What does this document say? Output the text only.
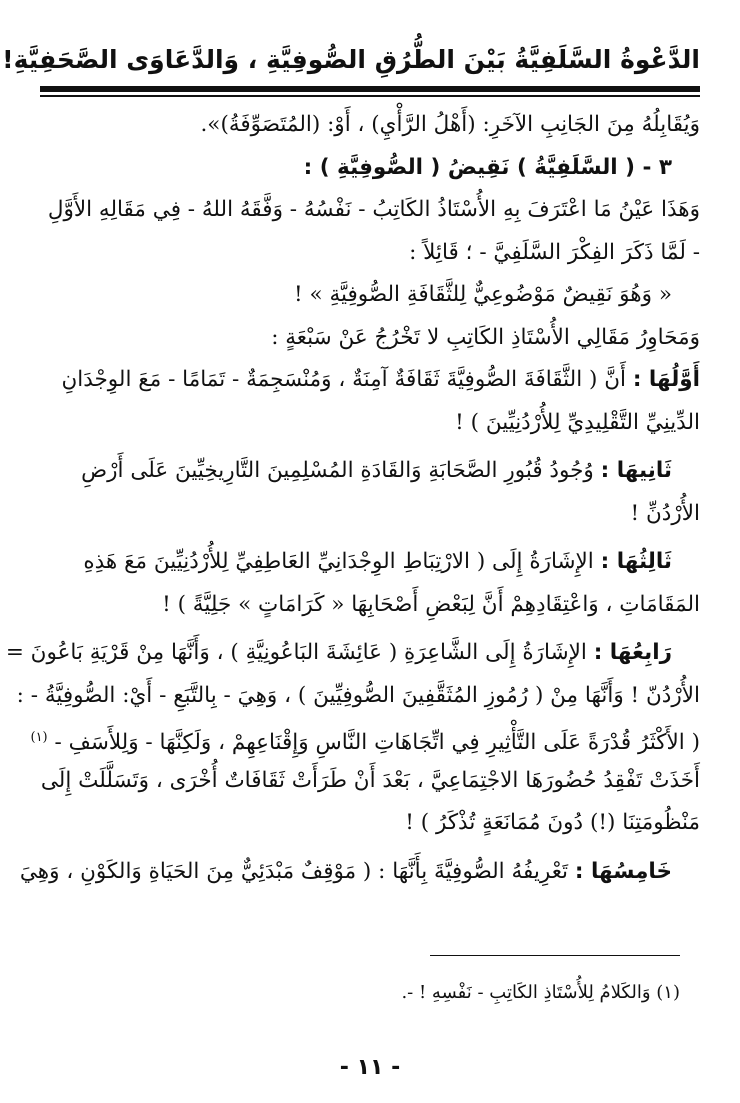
الدَّعْوةُ السَّلَفِيَّةُ بَيْنَ الطُّرُقِ الصُّوفِيَّةِ ، وَالدَّعَاوَى الصَّحَفِيَّةِ!
وَيُقَابِلُهُ مِنَ الجَانِبِ الآخَرِ: (أَهْلُ الرَّأْيِ) ، أَوْ: (المُتَصَوِّفَةُ)».
٣ - ( السَّلَفِيَّةُ ) نَقِيضُ ( الصُّوفِيَّةِ ) :
وَهَذَا عَيْنُ مَا اعْتَرَفَ بِهِ الأُسْتَاذُ الكَاتِبُ - نَفْسُهُ - وَفَّقَهُ اللهُ - فِي مَقَالِهِ الأَوَّلِ
- لَمَّا ذَكَرَ الفِكْرَ السَّلَفِيَّ - ؛ قَائِلاً :
« وَهُوَ نَقِيضٌ مَوْضُوعِيٌّ لِلثَّقَافَةِ الصُّوفِيَّةِ » !
وَمَحَاوِرُ مَقَالِي الأُسْتَاذِ الكَاتِبِ لا تَخْرُجُ عَنْ سَبْعَةٍ :
أَوَّلُهَا : أَنَّ ( الثَّقَافَةَ الصُّوفِيَّةَ ثَقَافَةٌ آمِنَةٌ ، وَمُنْسَجِمَةٌ - تَمَامًا - مَعَ الوِجْدَانِ
الدِّينِيِّ التَّقْلِيدِيِّ لِلأُرْدُنِيِّينَ ) !
ثَانِيهَا : وُجُودُ قُبُورِ الصَّحَابَةِ وَالقَادَةِ المُسْلِمِينَ التَّارِيخِيِّينَ عَلَى أَرْضِ
الأُرْدُنِّ !
ثَالِثُهَا : الإِشَارَةُ إِلَى ( الارْتِبَاطِ الوِجْدَانِيِّ العَاطِفِيِّ لِلأُرْدُنِيِّينَ مَعَ هَذِهِ
المَقَامَاتِ ، وَاعْتِقَادِهِمْ أَنَّ لِبَعْضِ أَصْحَابِهَا « كَرَامَاتٍ » جَلِيَّةً ) !
رَابِعُهَا : الإِشَارَةُ إِلَى الشَّاعِرَةِ ( عَائِشَةَ البَاعُونِيَّةِ ) ، وَأَنَّهَا مِنْ قَرْيَةِ بَاعُونَ =
الأُرْدُنّ ! وَأَنَّهَا مِنْ ( رُمُوزِ المُثَقَّفِينَ الصُّوفِيِّينَ ) ، وَهِيَ - بِالتَّبَعِ - أَيْ: الصُّوفِيَّةُ - :
( الأَكْثَرُ قُدْرَةً عَلَى التَّأْثِيرِ فِي اتِّجَاهَاتِ النَّاسِ وَإِقْنَاعِهِمْ ، وَلَكِنَّهَا - وَلِلأَسَفِ - $^{(١)}$
أَخَذَتْ تَفْقِدُ حُضُورَهَا الاجْتِمَاعِيَّ ، بَعْدَ أَنْ طَرَأَتْ ثَقَافَاتٌ أُخْرَى ، وَتَسَلَّلَتْ إِلَى
مَنْظُومَتِنَا (!) دُونَ مُمَانَعَةٍ تُذْكَرُ ) !
خَامِسُهَا : تَعْرِيفُهُ الصُّوفِيَّةَ بِأَنَّهَا : ( مَوْقِفٌ مَبْدَئِيٌّ مِنَ الحَيَاةِ وَالكَوْنِ ، وَهِيَ
(١) وَالكَلامُ لِلأُسْتَاذِ الكَاتِبِ - نَفْسِهِ ! -.
- ١١ -
